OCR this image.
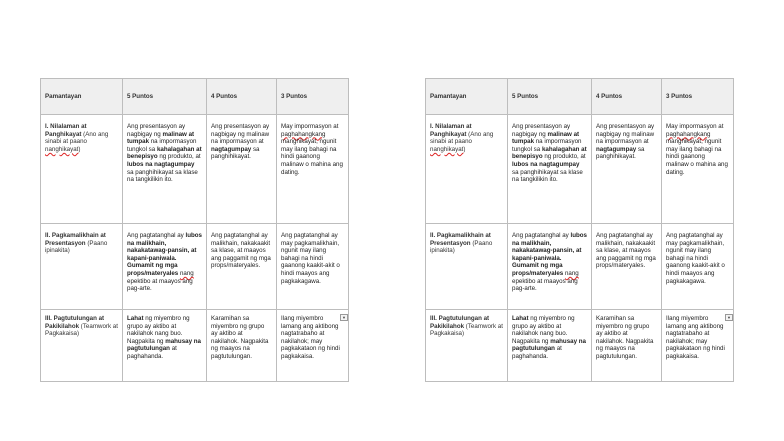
Pamantayan	5 Puntos	4 Puntos	3 Puntos
I. Nilalaman at Panghikayat (Ano ang sinabi at paano nanghikayat)	Ang presentasyon ay nagbigay ng malinaw at tumpak na impormasyon tungkol sa kahalagahan at benepisyo ng produkto, at lubos na nagtagumpay sa panghihikayat sa klase na tangkilikin ito.	Ang presentasyon ay nagbigay ng malinaw na impormasyon at nagtagumpay sa panghihikayat.	May impormasyon at paghahangkang manghikayat, ngunit may ilang bahagi na hindi gaanong malinaw o mahina ang dating.
II. Pagkamalikhain at Presentasyon (Paano ipinakita)	Ang pagtatanghal ay lubos na malikhain, nakakatawag-pansin, at kapani-paniwala. Gumamit ng mga props/materyales nang epektibo at maayos ang pag-arte.	Ang pagtatanghal ay malikhain, nakakaakit sa klase, at maayos ang paggamit ng mga props/materyales.	Ang pagtatanghal ay may pagkamalikhain, ngunit may ilang bahagi na hindi gaanong kaakit-akit o hindi maayos ang pagkakagawa.
III. Pagtutulungan at Pakikilahok (Teamwork at Pagkakaisa)	Lahat ng miyembro ng grupo ay aktibo at nakilahok nang buo. Nagpakita ng mahusay na pagtutulungan at paghahanda.	Karamihan sa miyembro ng grupo ay aktibo at nakilahok. Nagpakita ng maayos na pagtutulungan.	Ilang miyembro lamang ang aktibong nagtatrabaho at nakilahok; may pagkakataon ng hindi pagkakaisa.
▼
Pamantayan	5 Puntos	4 Puntos	3 Puntos
I. Nilalaman at Panghikayat (Ano ang sinabi at paano nanghikayat)	Ang presentasyon ay nagbigay ng malinaw at tumpak na impormasyon tungkol sa kahalagahan at benepisyo ng produkto, at lubos na nagtagumpay sa panghihikayat sa klase na tangkilikin ito.	Ang presentasyon ay nagbigay ng malinaw na impormasyon at nagtagumpay sa panghihikayat.	May impormasyon at paghahangkang manghikayat, ngunit may ilang bahagi na hindi gaanong malinaw o mahina ang dating.
II. Pagkamalikhain at Presentasyon (Paano ipinakita)	Ang pagtatanghal ay lubos na malikhain, nakakatawag-pansin, at kapani-paniwala. Gumamit ng mga props/materyales nang epektibo at maayos ang pag-arte.	Ang pagtatanghal ay malikhain, nakakaakit sa klase, at maayos ang paggamit ng mga props/materyales.	Ang pagtatanghal ay may pagkamalikhain, ngunit may ilang bahagi na hindi gaanong kaakit-akit o hindi maayos ang pagkakagawa.
III. Pagtutulungan at Pakikilahok (Teamwork at Pagkakaisa)	Lahat ng miyembro ng grupo ay aktibo at nakilahok nang buo. Nagpakita ng mahusay na pagtutulungan at paghahanda.	Karamihan sa miyembro ng grupo ay aktibo at nakilahok. Nagpakita ng maayos na pagtutulungan.	Ilang miyembro lamang ang aktibong nagtatrabaho at nakilahok; may pagkakataon ng hindi pagkakaisa.
▼
